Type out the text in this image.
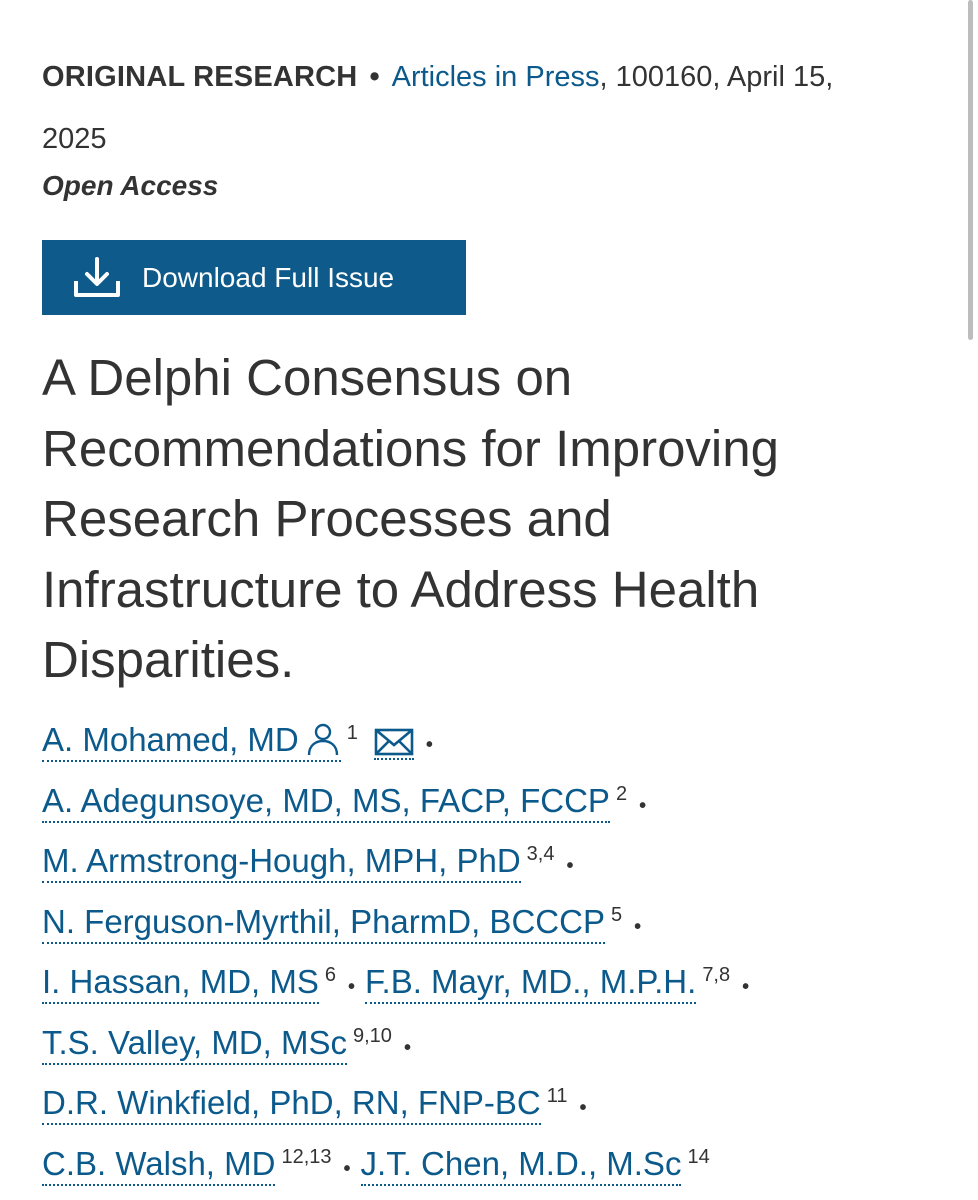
ORIGINAL RESEARCH • Articles in Press, 100160, April 15,
2025
Open Access
Download Full Issue
A Delphi Consensus on
Recommendations for Improving
Research Processes and
Infrastructure to Address Health
Disparities.
A. Mohamed, MD $^1$•
A. Adegunsoye, MD, MS, FACP, FCCP $^2$•
M. Armstrong-Hough, MPH, PhD $^{3,4}$•
N. Ferguson-Myrthil, PharmD, BCCCP $^5$•
I. Hassan, MD, MS $^6$• F.B. Mayr, MD., M.P.H. $^{7,8}$•
T.S. Valley, MD, MSc $^{9,10}$•
D.R. Winkfield, PhD, RN, FNP-BC $^{11}$•
C.B. Walsh, MD $^{12,13}$• J.T. Chen, M.D., M.Sc $^{14}$
